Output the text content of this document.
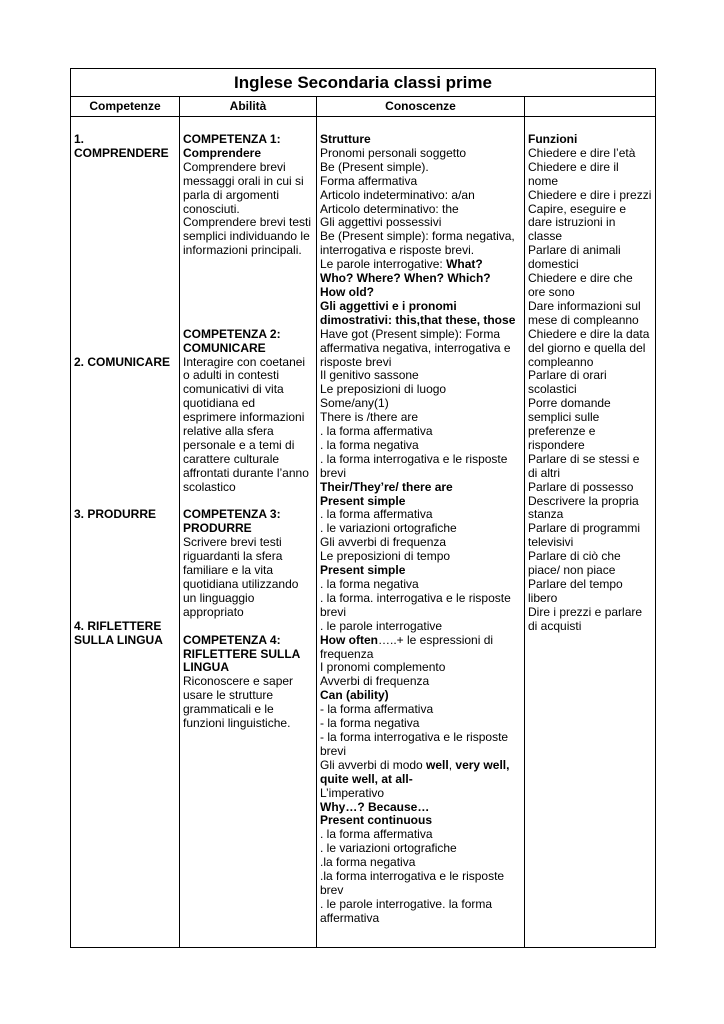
Inglese Secondaria classi prime
Competenze	Abilità	Conoscenze
1.
COMPRENDERE

2. COMUNICARE

3. PRODURRE

4. RIFLETTERE
SULLA LINGUA
COMPETENZA 1:
Comprendere
Comprendere brevi
messaggi orali in cui si
parla di argomenti
conosciuti.
Comprendere brevi testi
semplici individuando le
informazioni principali.

COMPETENZA 2:
COMUNICARE
Interagire con coetanei
o adulti in contesti
comunicativi di vita
quotidiana ed
esprimere informazioni
relative alla sfera
personale e a temi di
carattere culturale
affrontati durante l’anno
scolastico

COMPETENZA 3:
PRODURRE
Scrivere brevi testi
riguardanti la sfera
familiare e la vita
quotidiana utilizzando
un linguaggio
appropriato

COMPETENZA 4:
RIFLETTERE SULLA
LINGUA
Riconoscere e saper
usare le strutture
grammaticali e le
funzioni linguistiche.
Strutture
Pronomi personali soggetto
Be (Present simple).
Forma affermativa
Articolo indeterminativo: a/an
Articolo determinativo: the
Gli aggettivi possessivi
Be (Present simple): forma negativa,
interrogativa e risposte brevi.
Le parole interrogative: What?
Who? Where? When? Which?
How old?
Gli aggettivi e i pronomi
dimostrativi: this,that these, those
Have got (Present simple): Forma
affermativa negativa, interrogativa e
risposte brevi
Il genitivo sassone
Le preposizioni di luogo
Some/any(1)
There is /there are
. la forma affermativa
. la forma negativa
. la forma interrogativa e le risposte
brevi
Their/They’re/ there are
Present simple
. la forma affermativa
. le variazioni ortografiche
Gli avverbi di frequenza
Le preposizioni di tempo
Present simple
. la forma negativa
. la forma. interrogativa e le risposte
brevi
. le parole interrogative
How often…..+ le espressioni di
frequenza
I pronomi complemento
Avverbi di frequenza
Can (ability)
- la forma affermativa
- la forma negativa
- la forma interrogativa e le risposte
brevi
Gli avverbi di modo well, very well,
quite well, at all-
L’imperativo
Why…? Because…
Present continuous
. la forma affermativa
. le variazioni ortografiche
.la forma negativa
.la forma interrogativa e le risposte
brev
. le parole interrogative. la forma
affermativa
Funzioni
Chiedere e dire l’età
Chiedere e dire il
nome
Chiedere e dire i prezzi
Capire, eseguire e
dare istruzioni in
classe
Parlare di animali
domestici
Chiedere e dire che
ore sono
Dare informazioni sul
mese di compleanno
Chiedere e dire la data
del giorno e quella del
compleanno
Parlare di orari
scolastici
Porre domande
semplici sulle
preferenze e
rispondere
Parlare di se stessi e
di altri
Parlare di possesso
Descrivere la propria
stanza
Parlare di programmi
televisivi
Parlare di ciò che
piace/ non piace
Parlare del tempo
libero
Dire i prezzi e parlare
di acquisti
